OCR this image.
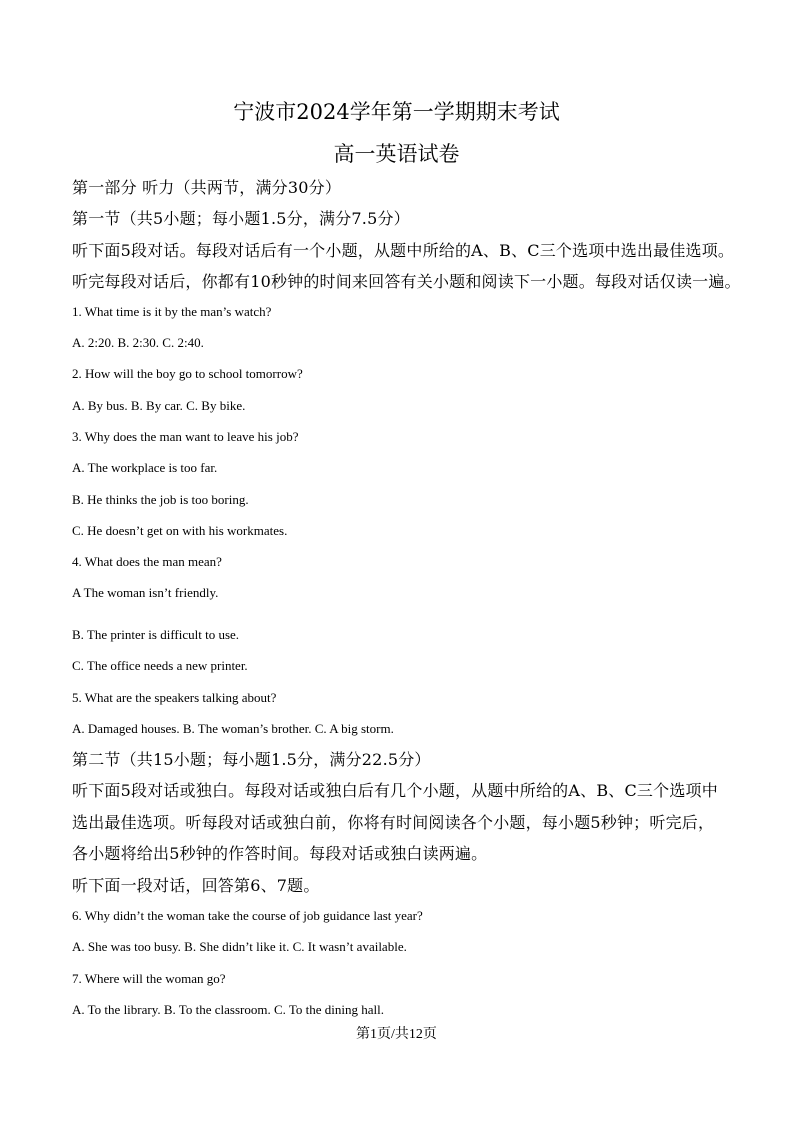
宁波市2024学年第一学期期末考试
高一英语试卷
第一部分 听力（共两节，满分30分）
第一节（共5小题；每小题1.5分，满分7.5分）
听下面5段对话。每段对话后有一个小题，从题中所给的A、B、C三个选项中选出最佳选项。
听完每段对话后，你都有10秒钟的时间来回答有关小题和阅读下一小题。每段对话仅读一遍。
1. What time is it by the man’s watch?
A. 2:20. B. 2:30. C. 2:40.
2. How will the boy go to school tomorrow?
A. By bus. B. By car. C. By bike.
3. Why does the man want to leave his job?
A. The workplace is too far.
B. He thinks the job is too boring.
C. He doesn’t get on with his workmates.
4. What does the man mean?
A The woman isn’t friendly.
B. The printer is difficult to use.
C. The office needs a new printer.
5. What are the speakers talking about?
A. Damaged houses. B. The woman’s brother. C. A big storm.
第二节（共15小题；每小题1.5分，满分22.5分）
听下面5段对话或独白。每段对话或独白后有几个小题，从题中所给的A、B、C三个选项中
选出最佳选项。听每段对话或独白前，你将有时间阅读各个小题，每小题5秒钟；听完后，
各小题将给出5秒钟的作答时间。每段对话或独白读两遍。
听下面一段对话，回答第6、7题。
6. Why didn’t the woman take the course of job guidance last year?
A. She was too busy. B. She didn’t like it. C. It wasn’t available.
7. Where will the woman go?
A. To the library. B. To the classroom. C. To the dining hall.
第1页/共12页
